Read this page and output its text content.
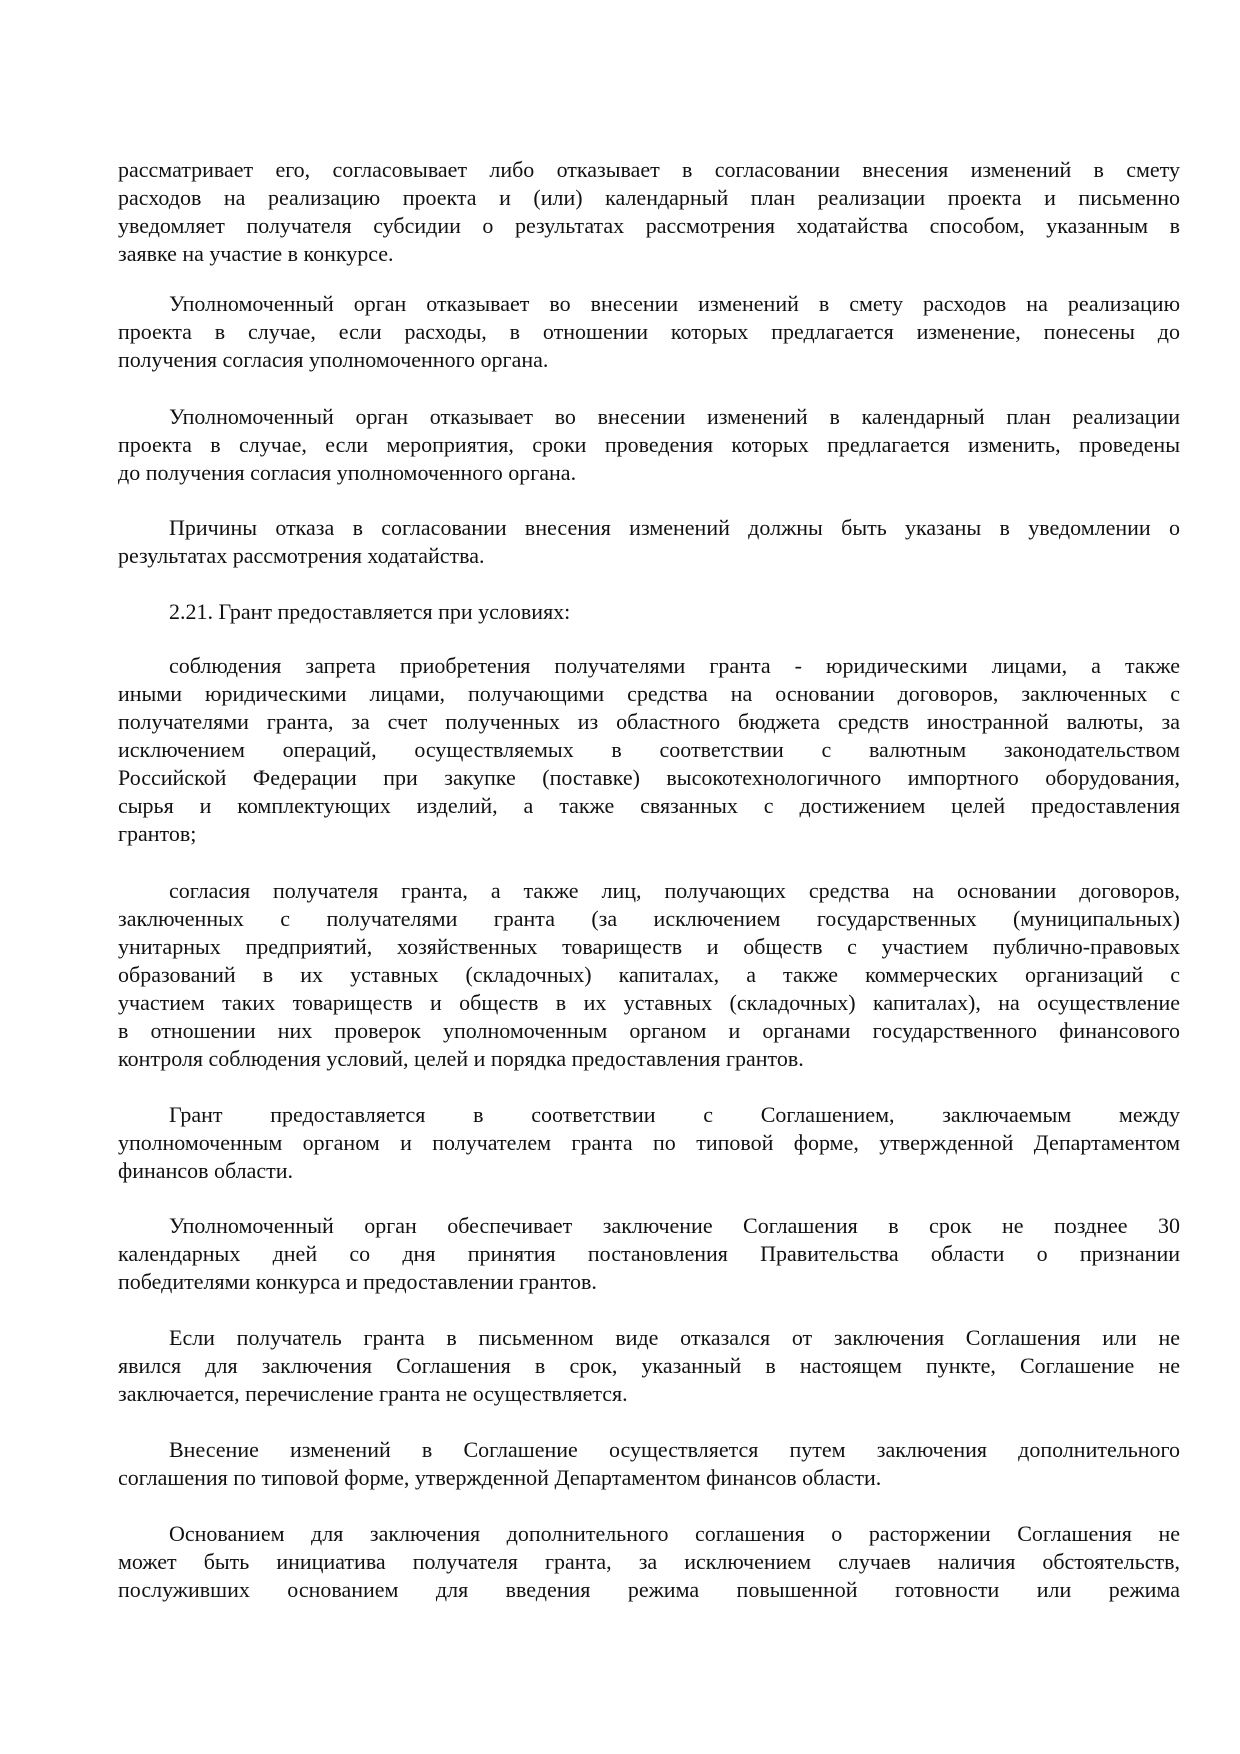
рассматривает его, согласовывает либо отказывает в согласовании внесения изменений в смету
расходов на реализацию проекта и (или) календарный план реализации проекта и письменно
уведомляет получателя субсидии о результатах рассмотрения ходатайства способом, указанным в
заявке на участие в конкурсе.
Уполномоченный орган отказывает во внесении изменений в смету расходов на реализацию
проекта в случае, если расходы, в отношении которых предлагается изменение, понесены до
получения согласия уполномоченного органа.
Уполномоченный орган отказывает во внесении изменений в календарный план реализации
проекта в случае, если мероприятия, сроки проведения которых предлагается изменить, проведены
до получения согласия уполномоченного органа.
Причины отказа в согласовании внесения изменений должны быть указаны в уведомлении о
результатах рассмотрения ходатайства.
2.21. Грант предоставляется при условиях:
соблюдения запрета приобретения получателями гранта - юридическими лицами, а также
иными юридическими лицами, получающими средства на основании договоров, заключенных с
получателями гранта, за счет полученных из областного бюджета средств иностранной валюты, за
исключением операций, осуществляемых в соответствии с валютным законодательством
Российской Федерации при закупке (поставке) высокотехнологичного импортного оборудования,
сырья и комплектующих изделий, а также связанных с достижением целей предоставления
грантов;
согласия получателя гранта, а также лиц, получающих средства на основании договоров,
заключенных с получателями гранта (за исключением государственных (муниципальных)
унитарных предприятий, хозяйственных товариществ и обществ с участием публично-правовых
образований в их уставных (складочных) капиталах, а также коммерческих организаций с
участием таких товариществ и обществ в их уставных (складочных) капиталах), на осуществление
в отношении них проверок уполномоченным органом и органами государственного финансового
контроля соблюдения условий, целей и порядка предоставления грантов.
Грант предоставляется в соответствии с Соглашением, заключаемым между
уполномоченным органом и получателем гранта по типовой форме, утвержденной Департаментом
финансов области.
Уполномоченный орган обеспечивает заключение Соглашения в срок не позднее 30
календарных дней со дня принятия постановления Правительства области о признании
победителями конкурса и предоставлении грантов.
Если получатель гранта в письменном виде отказался от заключения Соглашения или не
явился для заключения Соглашения в срок, указанный в настоящем пункте, Соглашение не
заключается, перечисление гранта не осуществляется.
Внесение изменений в Соглашение осуществляется путем заключения дополнительного
соглашения по типовой форме, утвержденной Департаментом финансов области.
Основанием для заключения дополнительного соглашения о расторжении Соглашения не
может быть инициатива получателя гранта, за исключением случаев наличия обстоятельств,
послуживших основанием для введения режима повышенной готовности или режима
